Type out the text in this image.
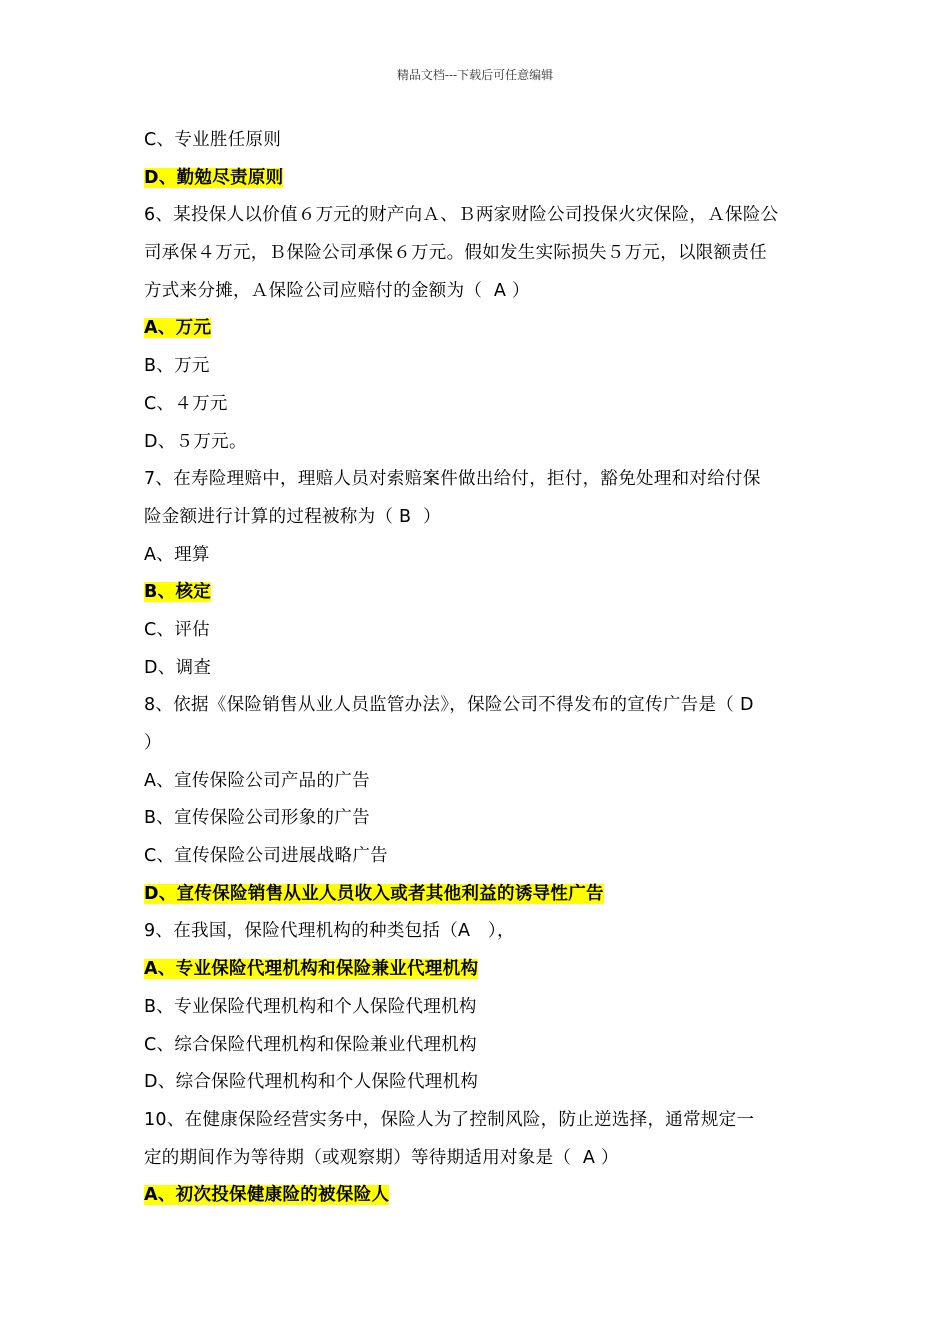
精品文档---下载后可任意编辑
C、专业胜任原则
D、勤勉尽责原则
6、某投保人以价值６万元的财产向Ａ、Ｂ两家财险公司投保火灾保险，Ａ保险公
司承保４万元，Ｂ保险公司承保６万元。假如发生实际损失５万元，以限额责任
方式来分摊，Ａ保险公司应赔付的金额为（  A ）
A、万元
B、万元
C、４万元
D、５万元。
7、在寿险理赔中，理赔人员对索赔案件做出给付，拒付，豁免处理和对给付保
险金额进行计算的过程被称为（ B  ）
A、理算
B、核定
C、评估
D、调查
8、依据《保险销售从业人员监管办法》，保险公司不得发布的宣传广告是（ D
）
A、宣传保险公司产品的广告
B、宣传保险公司形象的广告
C、宣传保险公司进展战略广告
D、宣传保险销售从业人员收入或者其他利益的诱导性广告
9、在我国，保险代理机构的种类包括（A   ），
A、专业保险代理机构和保险兼业代理机构
B、专业保险代理机构和个人保险代理机构
C、综合保险代理机构和保险兼业代理机构
D、综合保险代理机构和个人保险代理机构
10、在健康保险经营实务中，保险人为了控制风险，防止逆选择，通常规定一
定的期间作为等待期（或观察期）等待期适用对象是（  A ）
A、初次投保健康险的被保险人
